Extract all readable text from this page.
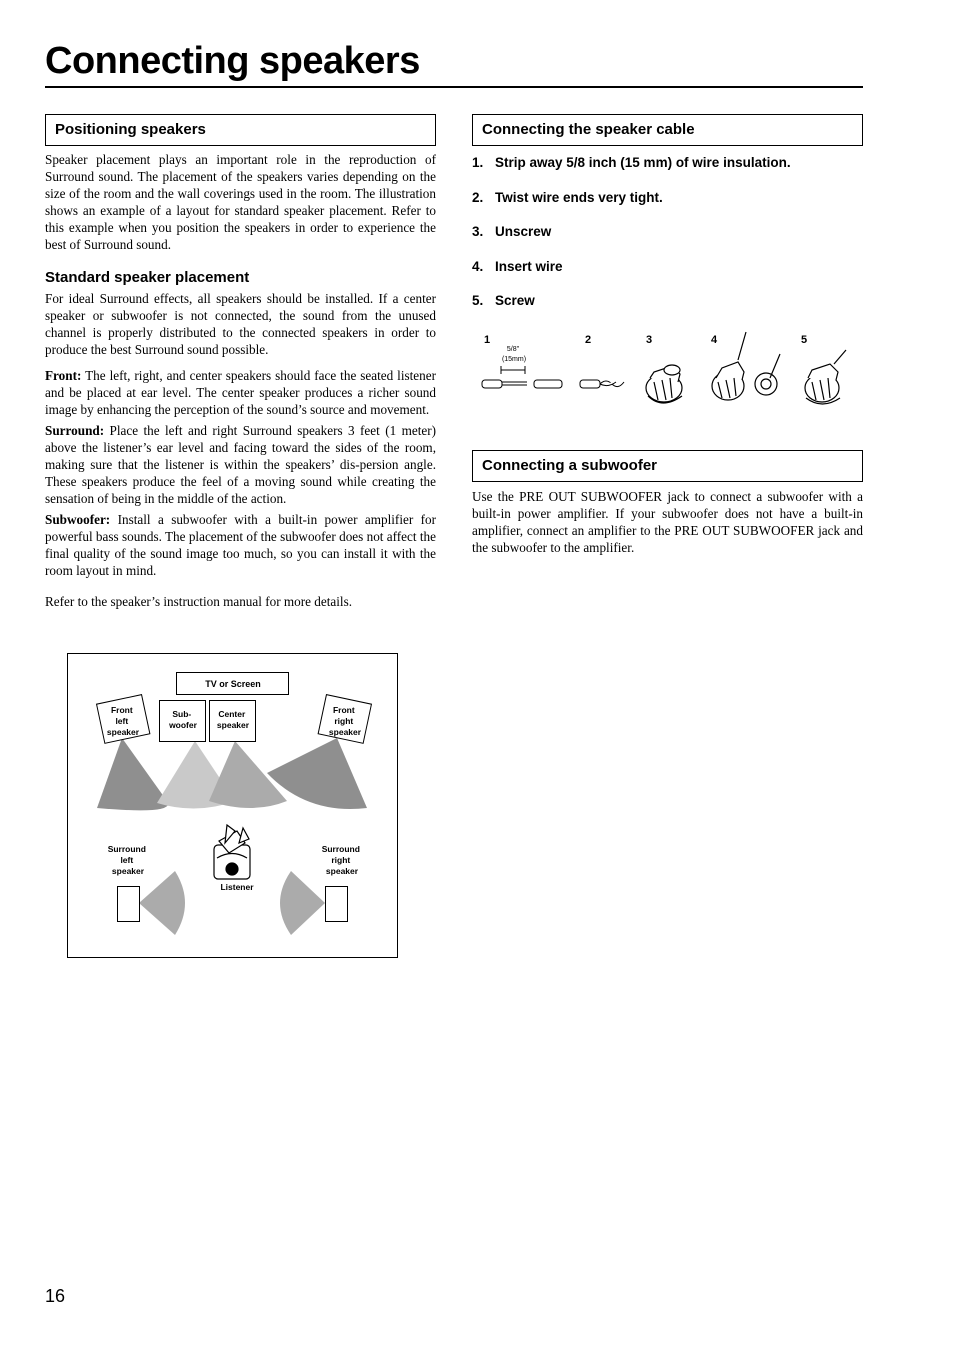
Connecting speakers
Positioning speakers

Speaker placement plays an important role in the reproduction of Surround sound. The placement of the speakers varies depending on the size of the room and the wall coverings used in the room. The illustration shows an example of a layout for standard speaker placement. Refer to this example when you position the speakers in order to experience the best of Surround sound.

Standard speaker placement

For ideal Surround effects, all speakers should be installed. If a center speaker or subwoofer is not connected, the sound from the unused channel is properly distributed to the connected speakers in order to produce the best Surround sound possible.

Front: The left, right, and center speakers should face the seated listener and be placed at ear level. The center speaker produces a richer sound image by enhancing the perception of the sound’s source and movement.

Surround: Place the left and right Surround speakers 3 feet (1 meter) above the listener’s ear level and facing toward the sides of the room, making sure that the listener is within the speakers’ dis-persion angle. These speakers produce the feel of a moving sound while creating the sensation of being in the middle of the action.

Subwoofer: Install a subwoofer with a built-in power amplifier for powerful bass sounds. The placement of the subwoofer does not affect the final quality of the sound image too much, so you can install it with the room layout in mind.

Refer to the speaker’s instruction manual for more details.

TV or Screen
Front left speaker
Sub- woofer
Center speaker
Front right speaker
Surround left speaker
Surround right speaker
Listener
Connecting the speaker cable
1. Strip away 5/8 inch (15 mm) of wire insulation.
2. Twist wire ends very tight.
3. Unscrew
4. Insert wire
5. Screw
1	2	3	4	5
5/8" (15mm)
Connecting a subwoofer

Use the PRE OUT SUBWOOFER jack to connect a subwoofer with a built-in power amplifier. If your subwoofer does not have a built-in amplifier, connect an amplifier to the PRE OUT SUBWOOFER jack and the subwoofer to the amplifier.

16
